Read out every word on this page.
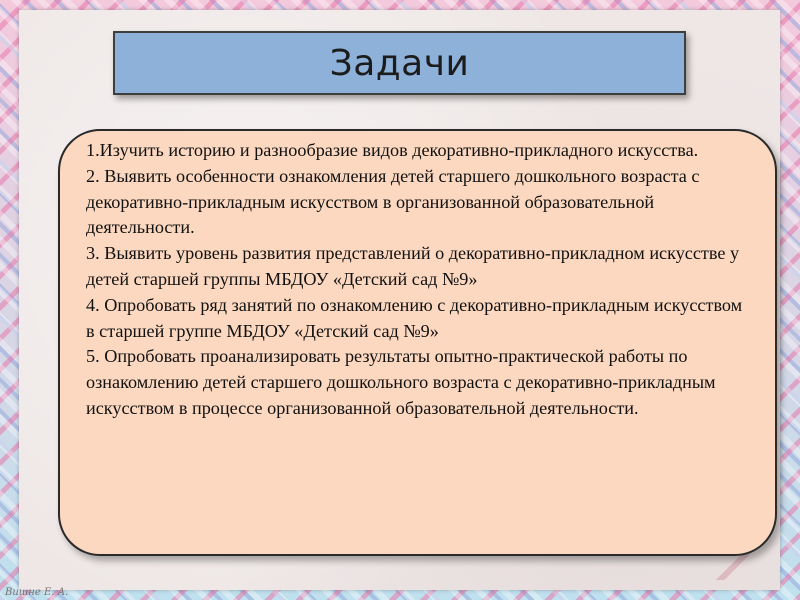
Задачи
1.Изучить историю и разнообразие видов декоративно-прикладного искусства.
2. Выявить особенности ознакомления детей старшего дошкольного возраста с декоративно-прикладным искусством в организованной образовательной деятельности.
3. Выявить уровень развития представлений о декоративно-прикладном искусстве у детей старшей группы МБДОУ «Детский сад №9»
4. Опробовать ряд занятий по ознакомлению с декоративно-прикладным искусством в старшей группе МБДОУ «Детский сад №9»
5. Опробовать проанализировать результаты опытно-практической работы по ознакомлению детей старшего дошкольного возраста с декоративно-прикладным искусством в процессе организованной образовательной деятельности.
Вишне Е. А.
